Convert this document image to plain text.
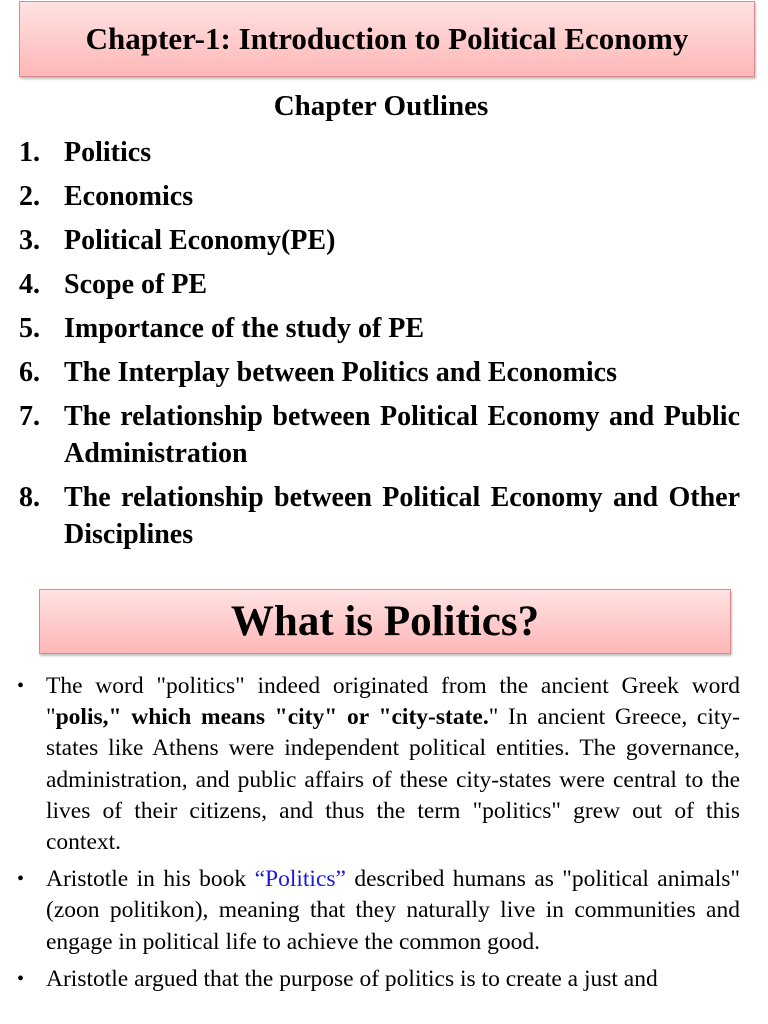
Chapter-1: Introduction to Political Economy
Chapter Outlines
1. Politics
2. Economics
3. Political Economy(PE)
4. Scope of PE
5. Importance of the study of PE
6. The Interplay between Politics and Economics
7. The relationship between Political Economy and Public Administration
8. The relationship between Political Economy and Other Disciplines
What is Politics?
• The word "politics" indeed originated from the ancient Greek word "polis," which means "city" or "city-state." In ancient Greece, city-states like Athens were independent political entities. The governance, administration, and public affairs of these city-states were central to the lives of their citizens, and thus the term "politics" grew out of this context.
• Aristotle in his book “Politics” described humans as "political animals" (zoon politikon), meaning that they naturally live in communities and engage in political life to achieve the common good.
• Aristotle argued that the purpose of politics is to create a just and
